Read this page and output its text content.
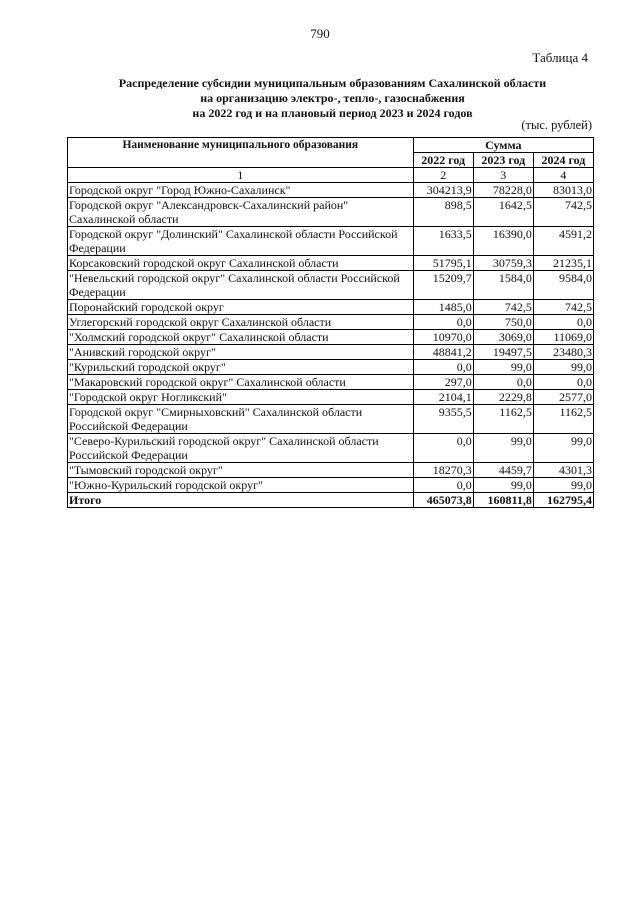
790
Таблица 4
Распределение субсидии муниципальным образованиям Сахалинской области
на организацию электро-, тепло-, газоснабжения
на 2022 год и на плановый период 2023 и 2024 годов
(тыс. рублей)
Наименование муниципального образования	Сумма		
	2022 год	2023 год	2024 год
1	2	3	4
Городской округ "Город Южно-Сахалинск"	304213,9	78228,0	83013,0
Городской округ "Александровск-Сахалинский район" Сахалинской области	898,5	1642,5	742,5
Городской округ "Долинский" Сахалинской области Российской Федерации	1633,5	16390,0	4591,2
Корсаковский городской округ Сахалинской области	51795,1	30759,3	21235,1
"Невельский городской округ" Сахалинской области Российской Федерации	15209,7	1584,0	9584,0
Поронайский городской округ	1485,0	742,5	742,5
Углегорский городской округ Сахалинской области	0,0	750,0	0,0
"Холмский городской округ" Сахалинской области	10970,0	3069,0	11069,0
"Анивский городской округ"	48841,2	19497,5	23480,3
"Курильский городской округ"	0,0	99,0	99,0
"Макаровский городской округ" Сахалинской области	297,0	0,0	0,0
"Городской округ Ногликский"	2104,1	2229,8	2577,0
Городской округ "Смирныховский" Сахалинской области Российской Федерации	9355,5	1162,5	1162,5
"Северо-Курильский городской округ" Сахалинской области Российской Федерации	0,0	99,0	99,0
"Тымовский городской округ"	18270,3	4459,7	4301,3
"Южно-Курильский городской округ"	0,0	99,0	99,0
Итого	465073,8	160811,8	162795,4
